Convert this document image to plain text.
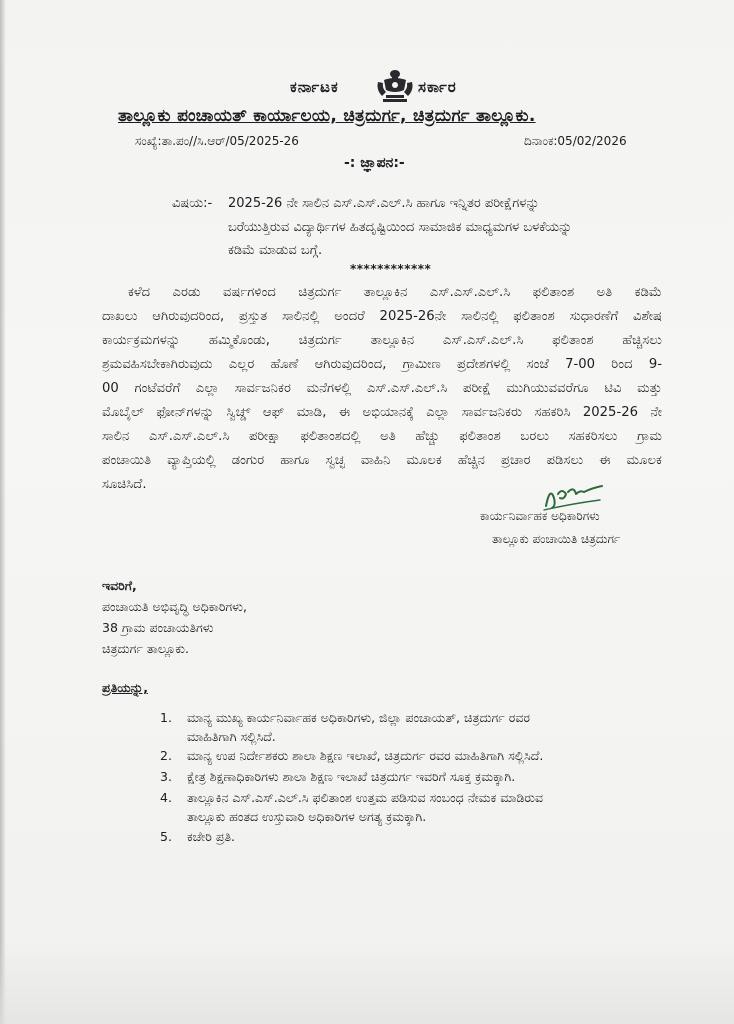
ಕರ್ನಾಟಕ	ಸರ್ಕಾರ
ತಾಲ್ಲೂಕು ಪಂಚಾಯತ್ ಕಾರ್ಯಾಲಯ, ಚಿತ್ರದುರ್ಗ, ಚಿತ್ರದುರ್ಗ ತಾಲ್ಲೂಕು.
ಸಂಖ್ಯೆ:ತಾ.ಪಂ//ಸಿ.ಆರ್/05/2025-26	ದಿನಾಂಕ:05/02/2026
-: ಜ್ಞಾಪನ:-
ವಿಷಯ:- 2025-26 ನೇ ಸಾಲಿನ ಎಸ್.ಎಸ್.ಎಲ್.ಸಿ ಹಾಗೂ ಇನ್ನಿತರ ಪರೀಕ್ಷೆಗಳನ್ನು
ಬರೆಯುತ್ತಿರುವ ವಿದ್ಯಾರ್ಥಿಗಳ ಹಿತದೃಷ್ಟಿಯಿಂದ ಸಾಮಾಜಿಕ ಮಾಧ್ಯಮಗಳ ಬಳಕೆಯನ್ನು
ಕಡಿಮೆ ಮಾಡುವ ಬಗ್ಗೆ.
************
ಕಳೆದ ಎರಡು ವರ್ಷಗಳಿಂದ ಚಿತ್ರದುರ್ಗ ತಾಲ್ಲೂಕಿನ ಎಸ್.ಎಸ್.ಎಲ್.ಸಿ ಫಲಿತಾಂಶ ಅತಿ ಕಡಿಮೆ
ದಾಖಲು ಆಗಿರುವುದರಿಂದ, ಪ್ರಸ್ತುತ ಸಾಲಿನಲ್ಲಿ ಅಂದರೆ 2025-26ನೇ ಸಾಲಿನಲ್ಲಿ ಫಲಿತಾಂಶ ಸುಧಾರಣೆಗೆ ವಿಶೇಷ
ಕಾರ್ಯಕ್ರಮಗಳನ್ನು ಹಮ್ಮಿಕೊಂಡು, ಚಿತ್ರದುರ್ಗ ತಾಲ್ಲೂಕಿನ ಎಸ್.ಎಸ್.ಎಲ್.ಸಿ ಫಲಿತಾಂಶ ಹೆಚ್ಚಿಸಲು
ಶ್ರಮವಹಿಸಬೇಕಾಗಿರುವುದು ಎಲ್ಲರ ಹೊಣೆ ಆಗಿರುವುದರಿಂದ, ಗ್ರಾಮೀಣ ಪ್ರದೇಶಗಳಲ್ಲಿ ಸಂಜೆ 7-00 ರಿಂದ 9-
00 ಗಂಟೆವರೆಗೆ ಎಲ್ಲಾ ಸಾರ್ವಜನಿಕರ ಮನೆಗಳಲ್ಲಿ ಎಸ್.ಎಸ್.ಎಲ್.ಸಿ ಪರೀಕ್ಷೆ ಮುಗಿಯುವವರೆಗೂ ಟಿವಿ ಮತ್ತು
ಮೊಬೈಲ್ ಫೋನ್‌ಗಳನ್ನು ಸ್ವಿಚ್ಡ್ ಆಫ್ ಮಾಡಿ, ಈ ಅಭಿಯಾನಕ್ಕೆ ಎಲ್ಲಾ ಸಾರ್ವಜನಿಕರು ಸಹಕರಿಸಿ 2025-26 ನೇ
ಸಾಲಿನ ಎಸ್.ಎಸ್.ಎಲ್.ಸಿ ಪರೀಕ್ಷಾ ಫಲಿತಾಂಶದಲ್ಲಿ ಅತಿ ಹೆಚ್ಚು ಫಲಿತಾಂಶ ಬರಲು ಸಹಕರಿಸಲು ಗ್ರಾಮ
ಪಂಚಾಯಿತಿ ವ್ಯಾಪ್ತಿಯಲ್ಲಿ ಡಂಗುರ ಹಾಗೂ ಸ್ವಚ್ಛ ವಾಹಿನಿ ಮೂಲಕ ಹೆಚ್ಚಿನ ಪ್ರಚಾರ ಪಡಿಸಲು ಈ ಮೂಲಕ
ಸೂಚಿಸಿದೆ.
ಕಾರ್ಯನಿರ್ವಾಹಕ ಅಧಿಕಾರಿಗಳು
ತಾಲ್ಲೂಕು ಪಂಚಾಯಿತಿ ಚಿತ್ರದುರ್ಗ
ಇವರಿಗೆ,
ಪಂಚಾಯತಿ ಅಭಿವೃದ್ಧಿ ಅಧಿಕಾರಿಗಳು,
38 ಗ್ರಾಮ ಪಂಚಾಯತಿಗಳು
ಚಿತ್ರದುರ್ಗ ತಾಲ್ಲೂಕು.
ಪ್ರತಿಯನ್ನು,
1. ಮಾನ್ಯ ಮುಖ್ಯ ಕಾರ್ಯನಿರ್ವಾಹಕ ಅಧಿಕಾರಿಗಳು, ಜಿಲ್ಲಾ ಪಂಚಾಯತ್, ಚಿತ್ರದುರ್ಗ ರವರ
ಮಾಹಿತಿಗಾಗಿ ಸಲ್ಲಿಸಿದೆ.
2. ಮಾನ್ಯ ಉಪ ನಿರ್ದೇಶಕರು ಶಾಲಾ ಶಿಕ್ಷಣ ಇಲಾಖೆ, ಚಿತ್ರದುರ್ಗ ರವರ ಮಾಹಿತಿಗಾಗಿ ಸಲ್ಲಿಸಿದೆ.
3. ಕ್ಷೇತ್ರ ಶಿಕ್ಷಣಾಧಿಕಾರಿಗಳು ಶಾಲಾ ಶಿಕ್ಷಣ ಇಲಾಖೆ ಚಿತ್ರದುರ್ಗ ಇವರಿಗೆ ಸೂಕ್ತ ಕ್ರಮಕ್ಕಾಗಿ.
4. ತಾಲ್ಲೂಕಿನ ಎಸ್.ಎಸ್.ಎಲ್.ಸಿ ಫಲಿತಾಂಶ ಉತ್ತಮ ಪಡಿಸುವ ಸಂಬಂಧ ನೇಮಕ ಮಾಡಿರುವ
ತಾಲ್ಲೂಕು ಹಂತದ ಉಸ್ತುವಾರಿ ಅಧಿಕಾರಿಗಳ ಅಗತ್ಯ ಕ್ರಮಕ್ಕಾಗಿ.
5. ಕಚೇರಿ ಪ್ರತಿ.
